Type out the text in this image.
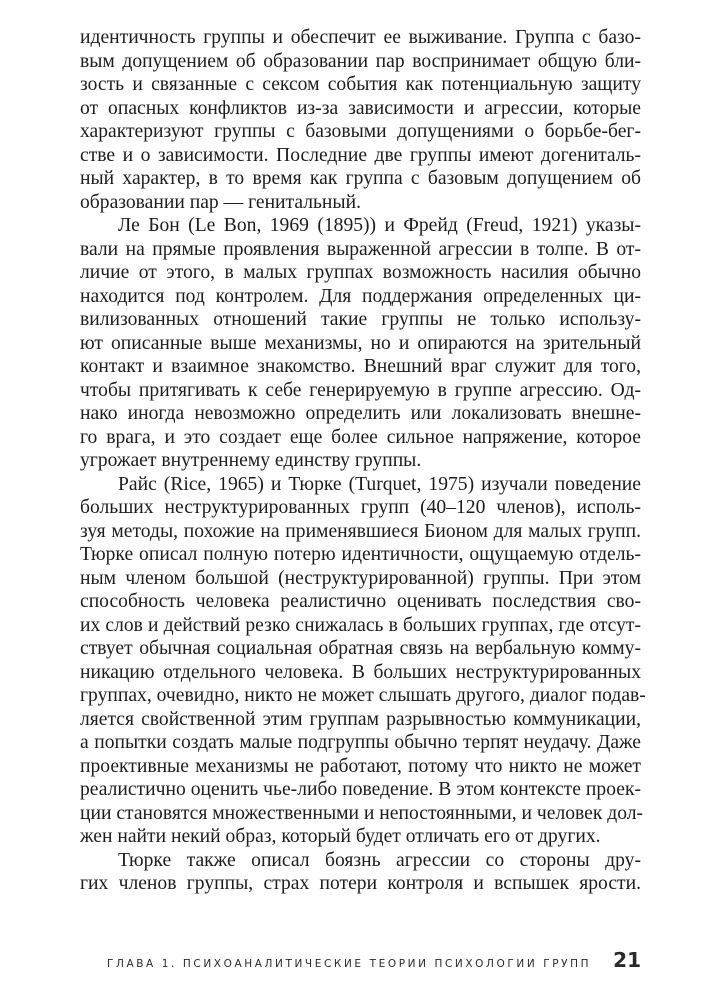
идентичность группы и обеспечит ее выживание. Группа с базо-
вым допущением об образовании пар воспринимает общую бли-
зость и связанные с сексом события как потенциальную защиту
от опасных конфликтов из-за зависимости и агрессии, которые
характеризуют группы с базовыми допущениями о борьбе-бег-
стве и о зависимости. Последние две группы имеют догениталь-
ный характер, в то время как группа с базовым допущением об
образовании пар — генитальный.

Ле Бон (Le Bon, 1969 (1895)) и Фрейд (Freud, 1921) указы-
вали на прямые проявления выраженной агрессии в толпе. В от-
личие от этого, в малых группах возможность насилия обычно
находится под контролем. Для поддержания определенных ци-
вилизованных отношений такие группы не только использу-
ют описанные выше механизмы, но и опираются на зрительный
контакт и взаимное знакомство. Внешний враг служит для того,
чтобы притягивать к себе генерируемую в группе агрессию. Од-
нако иногда невозможно определить или локализовать внешне-
го врага, и это создает еще более сильное напряжение, которое
угрожает внутреннему единству группы.

Райс (Rice, 1965) и Тюрке (Turquet, 1975) изучали поведение
больших неструктурированных групп (40–120 членов), исполь-
зуя методы, похожие на применявшиеся Бионом для малых групп.
Тюрке описал полную потерю идентичности, ощущаемую отдель-
ным членом большой (неструктурированной) группы. При этом
способность человека реалистично оценивать последствия сво-
их слов и действий резко снижалась в больших группах, где отсут-
ствует обычная социальная обратная связь на вербальную комму-
никацию отдельного человека. В больших неструктурированных
группах, очевидно, никто не может слышать другого, диалог подав-
ляется свойственной этим группам разрывностью коммуникации,
а попытки создать малые подгруппы обычно терпят неудачу. Даже
проективные механизмы не работают, потому что никто не может
реалистично оценить чье-либо поведение. В этом контексте проек-
ции становятся множественными и непостоянными, и человек дол-
жен найти некий образ, который будет отличать его от других.

Тюрке также описал боязнь агрессии со стороны дру-
гих членов группы, страх потери контроля и вспышек ярости.

ГЛАВА 1. ПСИХОАНАЛИТИЧЕСКИЕ ТЕОРИИ ПСИХОЛОГИИ ГРУПП 21
